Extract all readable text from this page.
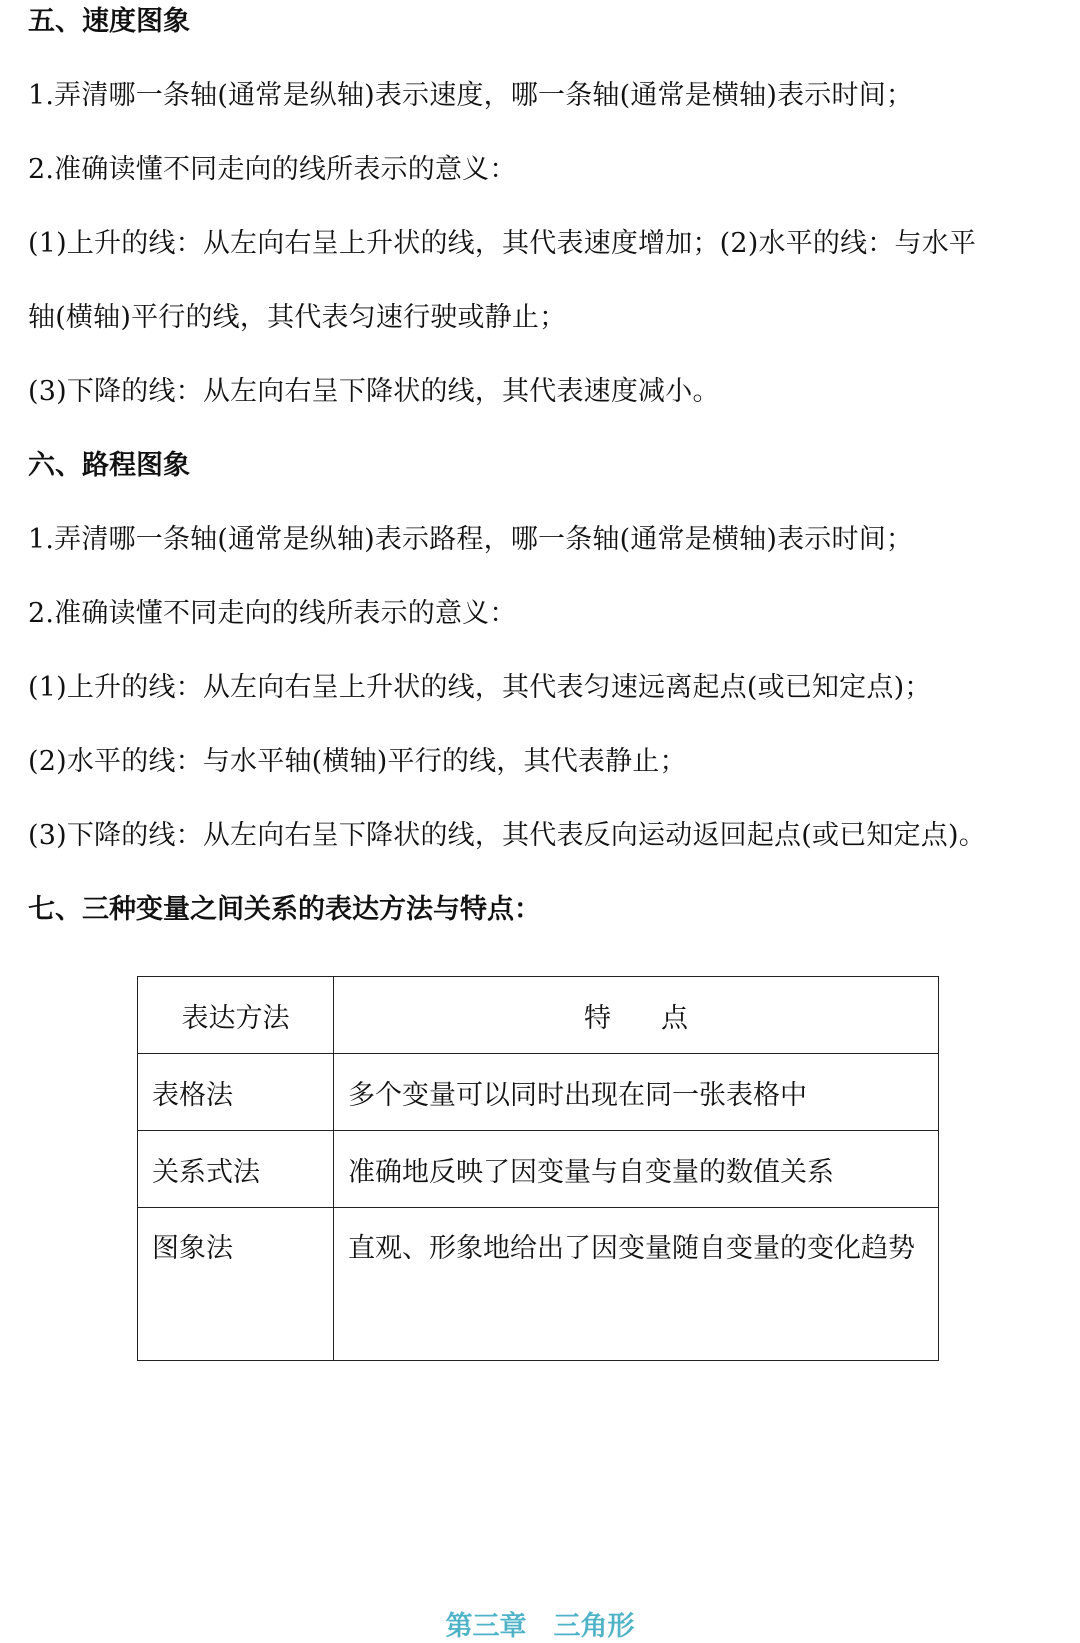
五、速度图象
1.弄清哪一条轴(通常是纵轴)表示速度，哪一条轴(通常是横轴)表示时间；
2.准确读懂不同走向的线所表示的意义：
(1)上升的线：从左向右呈上升状的线，其代表速度增加；(2)水平的线：与水平
轴(横轴)平行的线，其代表匀速行驶或静止；
(3)下降的线：从左向右呈下降状的线，其代表速度减小。
六、路程图象
1.弄清哪一条轴(通常是纵轴)表示路程，哪一条轴(通常是横轴)表示时间；
2.准确读懂不同走向的线所表示的意义：
(1)上升的线：从左向右呈上升状的线，其代表匀速远离起点(或已知定点)；
(2)水平的线：与水平轴(横轴)平行的线，其代表静止；
(3)下降的线：从左向右呈下降状的线，其代表反向运动返回起点(或已知定点)。
七、三种变量之间关系的表达方法与特点：
表达方法	特点
表格法	多个变量可以同时出现在同一张表格中
关系式法	准确地反映了因变量与自变量的数值关系

图象法	直观、形象地给出了因变量随自变量的变化趋势
第三章　三角形
